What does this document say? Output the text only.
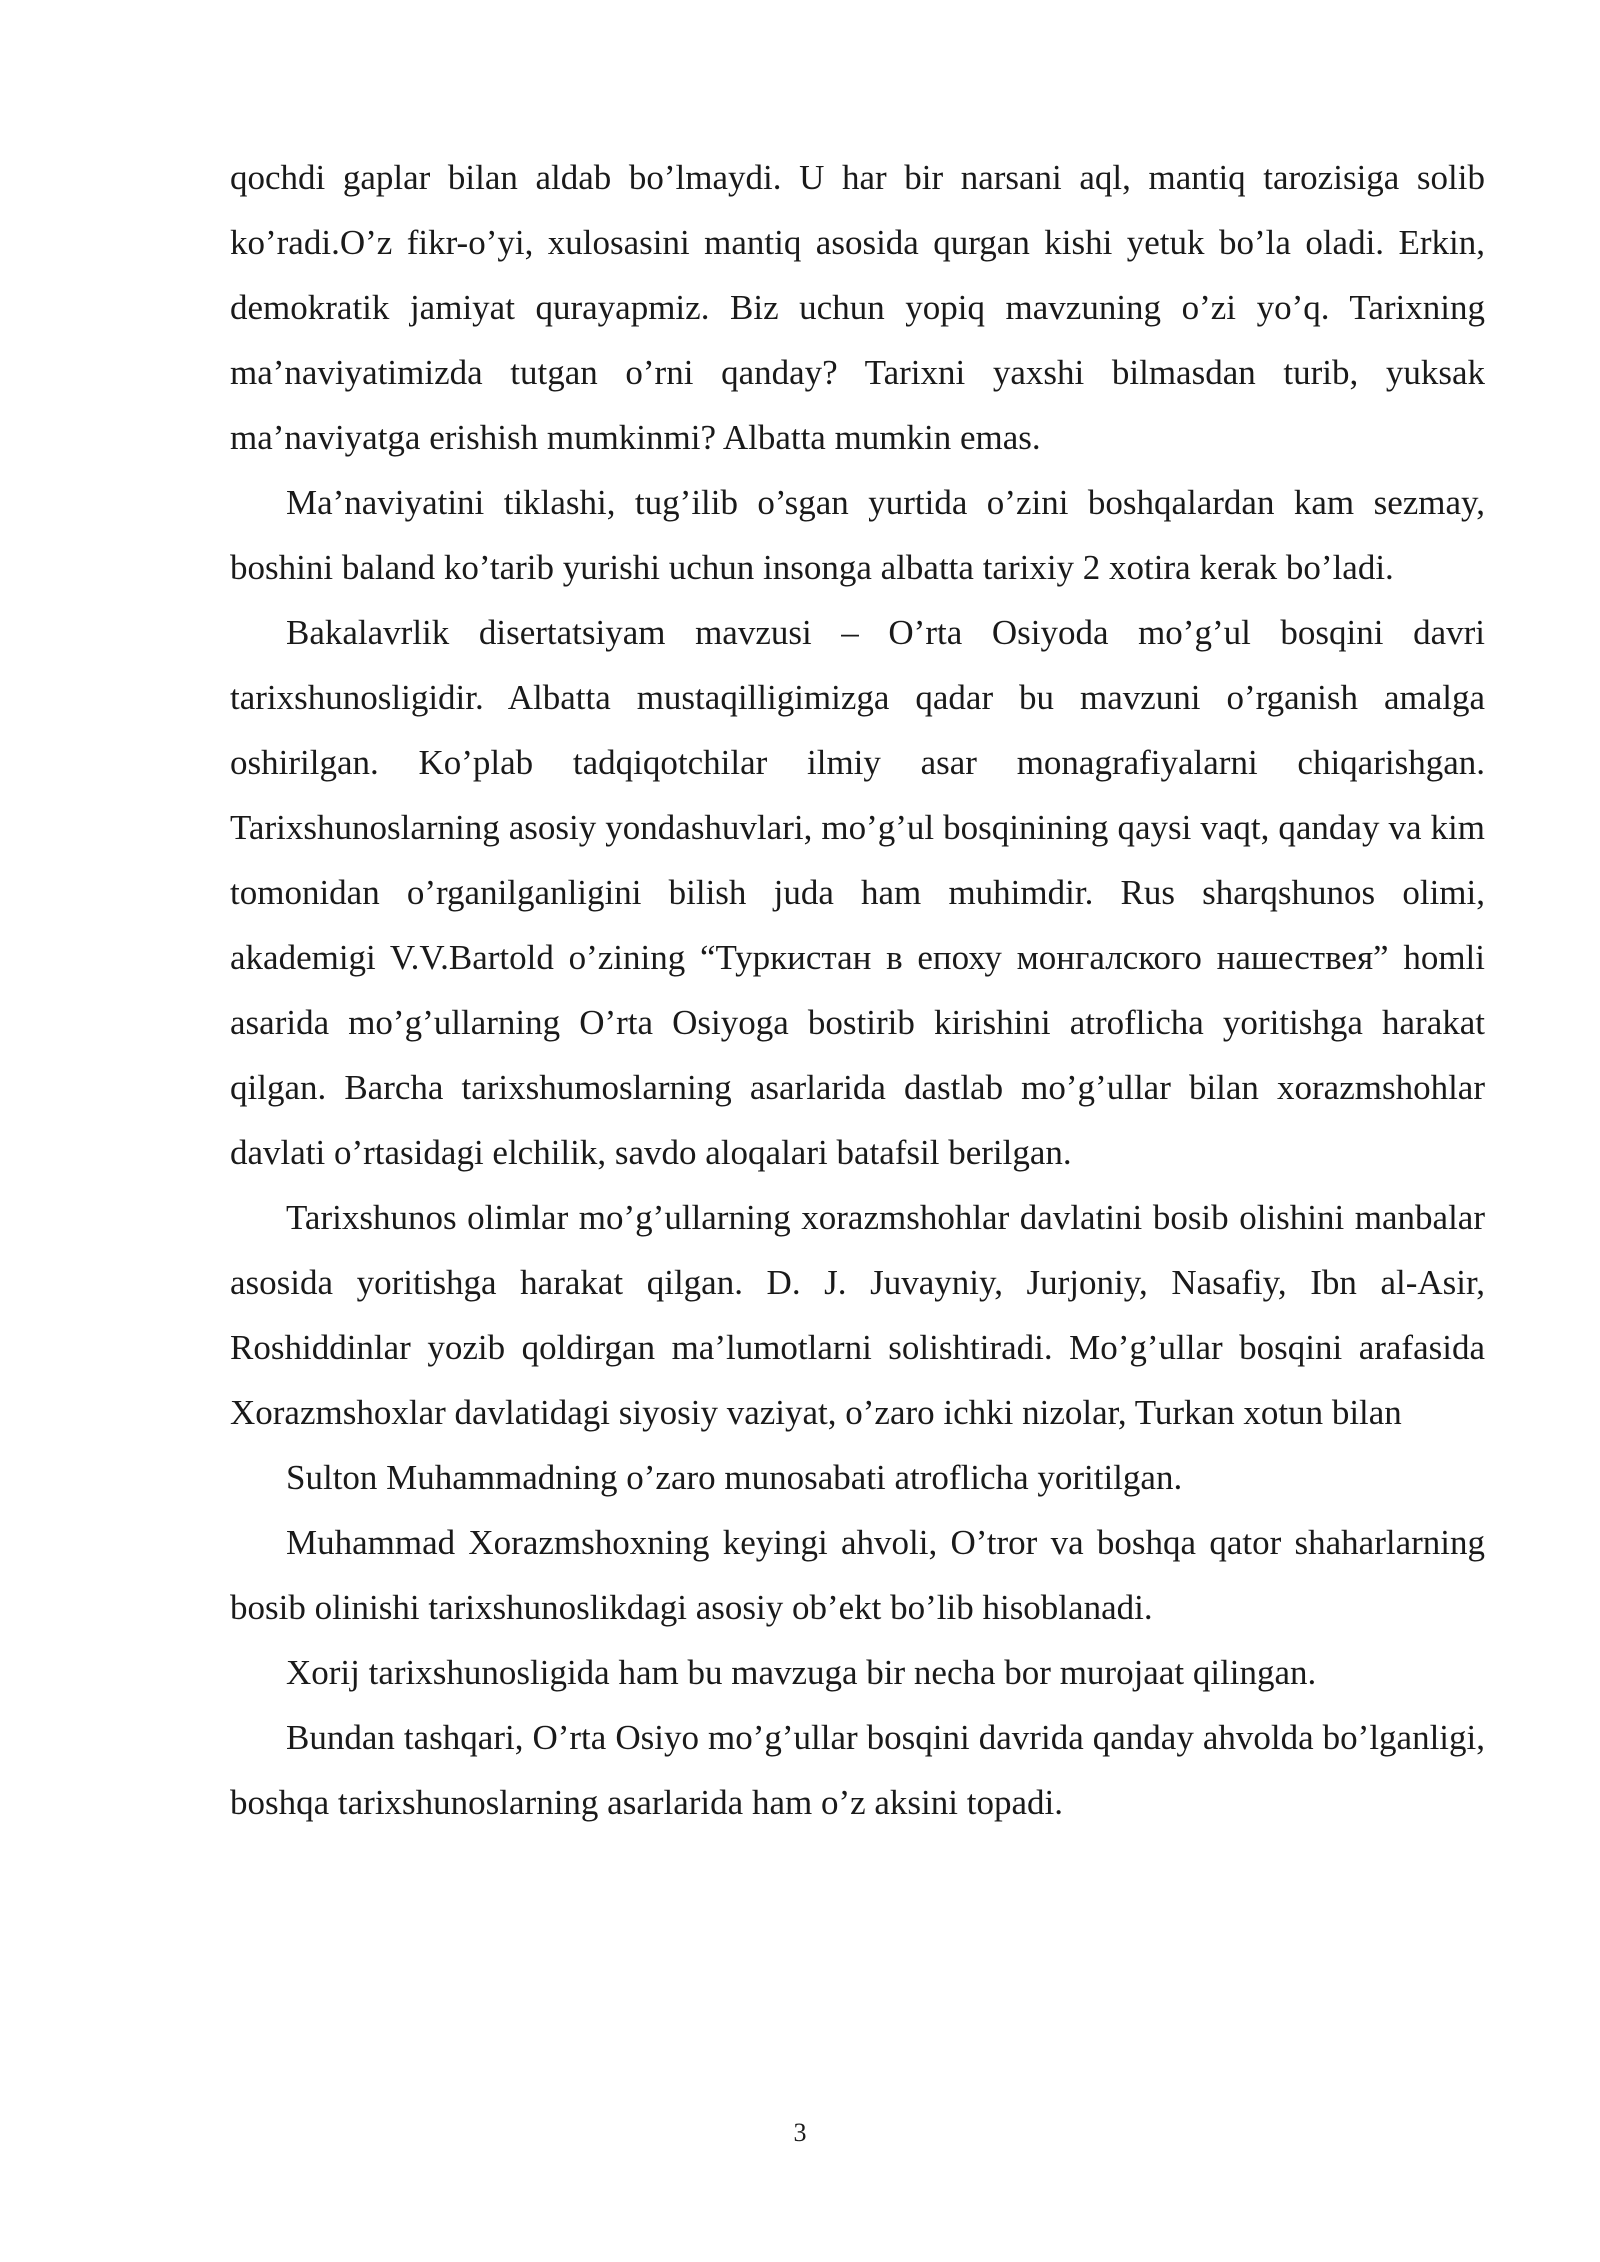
qochdi gaplar bilan aldab bo’lmaydi. U har bir narsani aql, mantiq tarozisiga solib ko’radi.O’z fikr-o’yi, xulosasini mantiq asosida qurgan kishi yetuk bo’la oladi. Erkin, demokratik jamiyat qurayapmiz. Biz uchun yopiq mavzuning o’zi yo’q. Tarixning ma’naviyatimizda tutgan o’rni qanday? Tarixni yaxshi bilmasdan turib, yuksak ma’naviyatga erishish mumkinmi? Albatta mumkin emas.

Ma’naviyatini tiklashi, tug’ilib o’sgan yurtida o’zini boshqalardan kam sezmay, boshini baland ko’tarib yurishi uchun insonga albatta tarixiy 2 xotira kerak bo’ladi.

Bakalavrlik disertatsiyam mavzusi – O’rta Osiyoda mo’g’ul bosqini davri tarixshunosligidir. Albatta mustaqilligimizga qadar bu mavzuni o’rganish amalga oshirilgan. Ko’plab tadqiqotchilar ilmiy asar monagrafiyalarni chiqarishgan. Tarixshunoslarning asosiy yondashuvlari, mo’g’ul bosqinining qaysi vaqt, qanday va kim tomonidan o’rganilganligini bilish juda ham muhimdir. Rus sharqshunos olimi, akademigi V.V.Bartold o’zining “Туркистан в епоху монгалского нашествея” homli asarida mo’g’ullarning O’rta Osiyoga bostirib kirishini atroflicha yoritishga harakat qilgan. Barcha tarixshumoslarning asarlarida dastlab mo’g’ullar bilan xorazmshohlar davlati o’rtasidagi elchilik, savdo aloqalari batafsil berilgan.

Tarixshunos olimlar mo’g’ullarning xorazmshohlar davlatini bosib olishini manbalar asosida yoritishga harakat qilgan. D. J. Juvayniy, Jurjoniy, Nasafiy, Ibn al-Asir, Roshiddinlar yozib qoldirgan ma’lumotlarni solishtiradi. Mo’g’ullar bosqini arafasida Xorazmshoxlar davlatidagi siyosiy vaziyat, o’zaro ichki nizolar, Turkan xotun bilan

Sulton Muhammadning o’zaro munosabati atroflicha yoritilgan.

Muhammad Xorazmshoxning keyingi ahvoli, O’tror va boshqa qator shaharlarning bosib olinishi tarixshunoslikdagi asosiy ob’ekt bo’lib hisoblanadi.

Xorij tarixshunosligida ham bu mavzuga bir necha bor murojaat qilingan.

Bundan tashqari, O’rta Osiyo mo’g’ullar bosqini davrida qanday ahvolda bo’lganligi, boshqa tarixshunoslarning asarlarida ham o’z aksini topadi.

3
